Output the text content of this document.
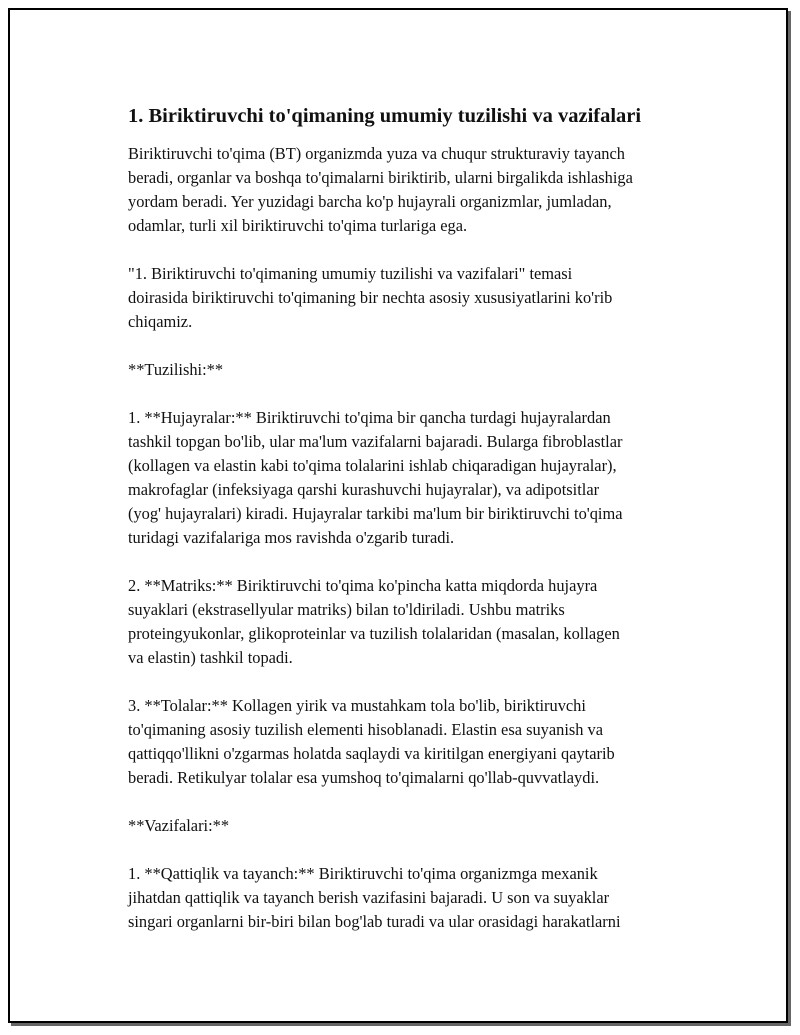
1. Biriktiruvchi to'qimaning umumiy tuzilishi va vazifalari

Biriktiruvchi to'qima (BT) organizmda yuza va chuqur strukturaviy tayanch
beradi, organlar va boshqa to'qimalarni biriktirib, ularni birgalikda ishlashiga
yordam beradi. Yer yuzidagi barcha ko'p hujayrali organizmlar, jumladan,
odamlar, turli xil biriktiruvchi to'qima turlariga ega.

"1. Biriktiruvchi to'qimaning umumiy tuzilishi va vazifalari" temasi
doirasida biriktiruvchi to'qimaning bir nechta asosiy xususiyatlarini ko'rib
chiqamiz.

**Tuzilishi:**

1. **Hujayralar:** Biriktiruvchi to'qima bir qancha turdagi hujayralardan
tashkil topgan bo'lib, ular ma'lum vazifalarni bajaradi. Bularga fibroblastlar
(kollagen va elastin kabi to'qima tolalarini ishlab chiqaradigan hujayralar),
makrofaglar (infeksiyaga qarshi kurashuvchi hujayralar), va adipotsitlar
(yog' hujayralari) kiradi. Hujayralar tarkibi ma'lum bir biriktiruvchi to'qima
turidagi vazifalariga mos ravishda o'zgarib turadi.

2. **Matriks:** Biriktiruvchi to'qima ko'pincha katta miqdorda hujayra
suyaklari (ekstrasellyular matriks) bilan to'ldiriladi. Ushbu matriks
proteingyukonlar, glikoproteinlar va tuzilish tolalaridan (masalan, kollagen
va elastin) tashkil topadi.

3. **Tolalar:** Kollagen yirik va mustahkam tola bo'lib, biriktiruvchi
to'qimaning asosiy tuzilish elementi hisoblanadi. Elastin esa suyanish va
qattiqqo'llikni o'zgarmas holatda saqlaydi va kiritilgan energiyani qaytarib
beradi. Retikulyar tolalar esa yumshoq to'qimalarni qo'llab-quvvatlaydi.

**Vazifalari:**

1. **Qattiqlik va tayanch:** Biriktiruvchi to'qima organizmga mexanik
jihatdan qattiqlik va tayanch berish vazifasini bajaradi. U son va suyaklar
singari organlarni bir-biri bilan bog'lab turadi va ular orasidagi harakatlarni
